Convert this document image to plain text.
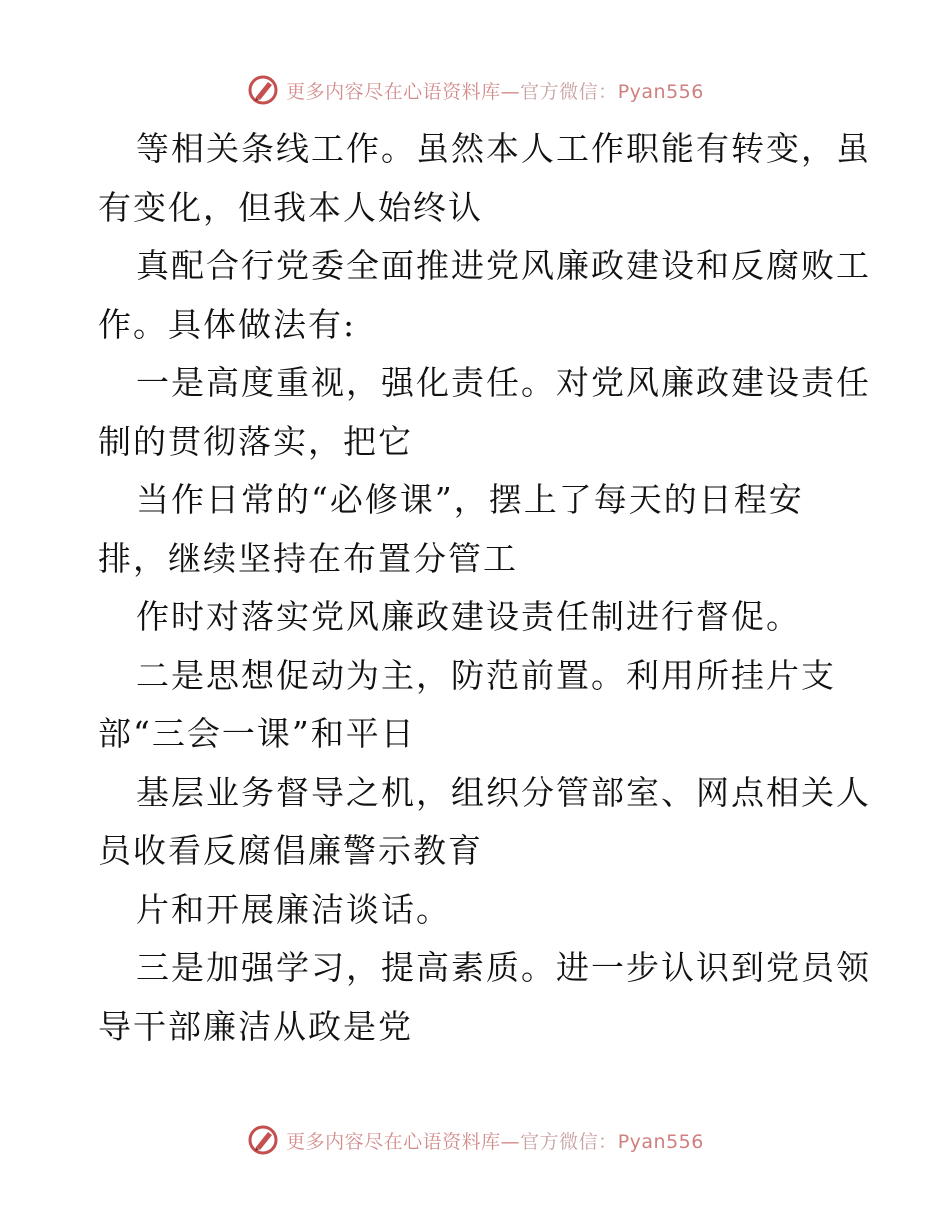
更多内容尽在心语资料库—官方微信：Pyan556

等相关条线工作。虽然本人工作职能有转变，虽
有变化，但我本人始终认

真配合行党委全面推进党风廉政建设和反腐败工
作。具体做法有:

一是高度重视，强化责任。对党风廉政建设责任
制的贯彻落实，把它

当作日常的“必修课”，摆上了每天的日程安
排，继续坚持在布置分管工

作时对落实党风廉政建设责任制进行督促。

二是思想促动为主，防范前置。利用所挂片支
部“三会一课”和平日

基层业务督导之机，组织分管部室、网点相关人
员收看反腐倡廉警示教育

片和开展廉洁谈话。

三是加强学习，提高素质。进一步认识到党员领
导干部廉洁从政是党

更多内容尽在心语资料库—官方微信：Pyan556
